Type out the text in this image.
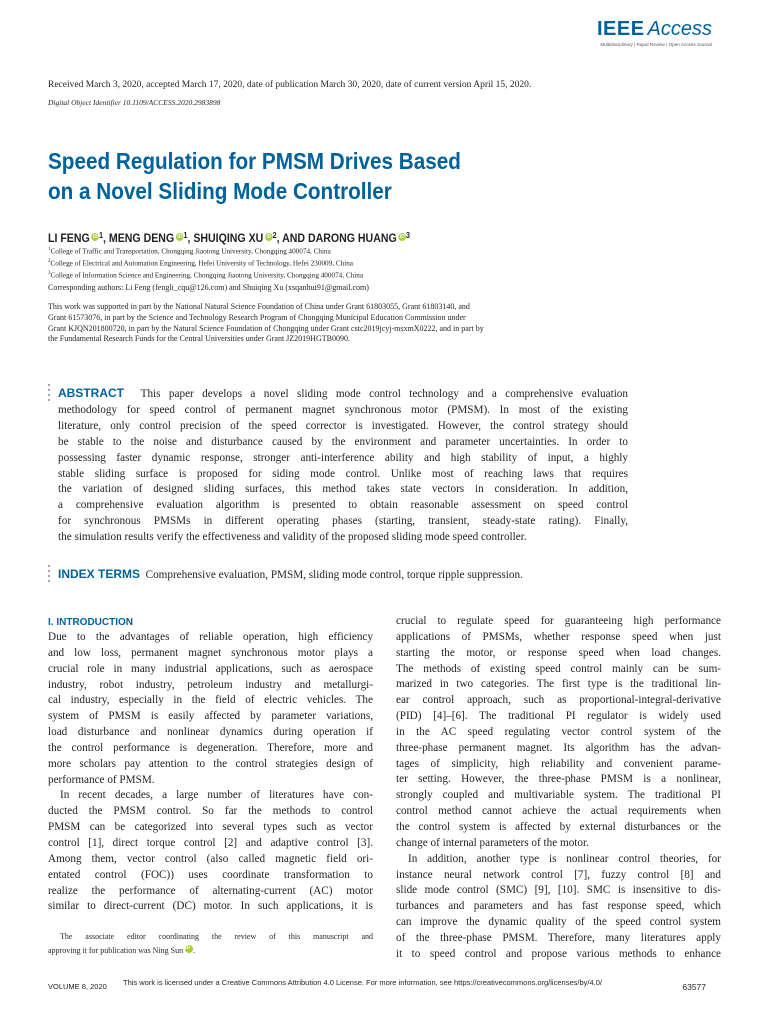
IEEE Access
Multidisciplinary | Rapid Review | Open Access Journal
Received March 3, 2020, accepted March 17, 2020, date of publication March 30, 2020, date of current version April 15, 2020.
Digital Object Identifier 10.1109/ACCESS.2020.2983898
Speed Regulation for PMSM Drives Based
on a Novel Sliding Mode Controller
LI FENG $iD^1$, MENG DENG $iD^1$, SHUIQING XU $iD^2$, AND DARONG HUANG $iD^3$
$^1$College of Traffic and Transportation, Chongqing Jiaotong University, Chongqing 400074, China
$^2$College of Electrical and Automation Engineering, Hefei University of Technology, Hefei 230009, China
$^3$College of Information Science and Engineering, Chongqing Jiaotong University, Chongqing 400074, China
Corresponding authors: Li Feng (fengli_cqu@126.com) and Shuiqing Xu (xsqanhui91@gmail.com)
This work was supported in part by the National Natural Science Foundation of China under Grant 61803055, Grant 61803140, and
Grant 61573076, in part by the Science and Technology Research Program of Chongqing Municipal Education Commission under
Grant KJQN201800720, in part by the Natural Science Foundation of Chongqing under Grant cstc2019jcyj-msxmX0222, and in part by
the Fundamental Research Funds for the Central Universities under Grant JZ2019HGTB0090.
ABSTRACT This paper develops a novel sliding mode control technology and a comprehensive evaluation
methodology for speed control of permanent magnet synchronous motor (PMSM). In most of the existing
literature, only control precision of the speed corrector is investigated. However, the control strategy should
be stable to the noise and disturbance caused by the environment and parameter uncertainties. In order to
possessing faster dynamic response, stronger anti-interference ability and high stability of input, a highly
stable sliding surface is proposed for siding mode control. Unlike most of reaching laws that requires
the variation of designed sliding surfaces, this method takes state vectors in consideration. In addition,
a comprehensive evaluation algorithm is presented to obtain reasonable assessment on speed control
for synchronous PMSMs in different operating phases (starting, transient, steady-state rating). Finally,
the simulation results verify the effectiveness and validity of the proposed sliding mode speed controller.
INDEX TERMS Comprehensive evaluation, PMSM, sliding mode control, torque ripple suppression.
I. INTRODUCTION
Due to the advantages of reliable operation, high efficiency
and low loss, permanent magnet synchronous motor plays a
crucial role in many industrial applications, such as aerospace
industry, robot industry, petroleum industry and metallurgi-
cal industry, especially in the field of electric vehicles. The
system of PMSM is easily affected by parameter variations,
load disturbance and nonlinear dynamics during operation if
the control performance is degeneration. Therefore, more and
more scholars pay attention to the control strategies design of
performance of PMSM.
In recent decades, a large number of literatures have con-
ducted the PMSM control. So far the methods to control
PMSM can be categorized into several types such as vector
control [1], direct torque control [2] and adaptive control [3].
Among them, vector control (also called magnetic field ori-
entated control (FOC)) uses coordinate transformation to
realize the performance of alternating-current (AC) motor
similar to direct-current (DC) motor. In such applications, it is
The associate editor coordinating the review of this manuscript and
approving it for publication was Ning Sun iD .
crucial to regulate speed for guaranteeing high performance
applications of PMSMs, whether response speed when just
starting the motor, or response speed when load changes.
The methods of existing speed control mainly can be sum-
marized in two categories. The first type is the traditional lin-
ear control approach, such as proportional-integral-derivative
(PID) [4]–[6]. The traditional PI regulator is widely used
in the AC speed regulating vector control system of the
three-phase permanent magnet. Its algorithm has the advan-
tages of simplicity, high reliability and convenient parame-
ter setting. However, the three-phase PMSM is a nonlinear,
strongly coupled and multivariable system. The traditional PI
control method cannot achieve the actual requirements when
the control system is affected by external disturbances or the
change of internal parameters of the motor.
In addition, another type is nonlinear control theories, for
instance neural network control [7], fuzzy control [8] and
slide mode control (SMC) [9], [10]. SMC is insensitive to dis-
turbances and parameters and has fast response speed, which
can improve the dynamic quality of the speed control system
of the three-phase PMSM. Therefore, many literatures apply
it to speed control and propose various methods to enhance
VOLUME 8, 2020 This work is licensed under a Creative Commons Attribution 4.0 License. For more information, see https://creativecommons.org/licenses/by/4.0/	63577
